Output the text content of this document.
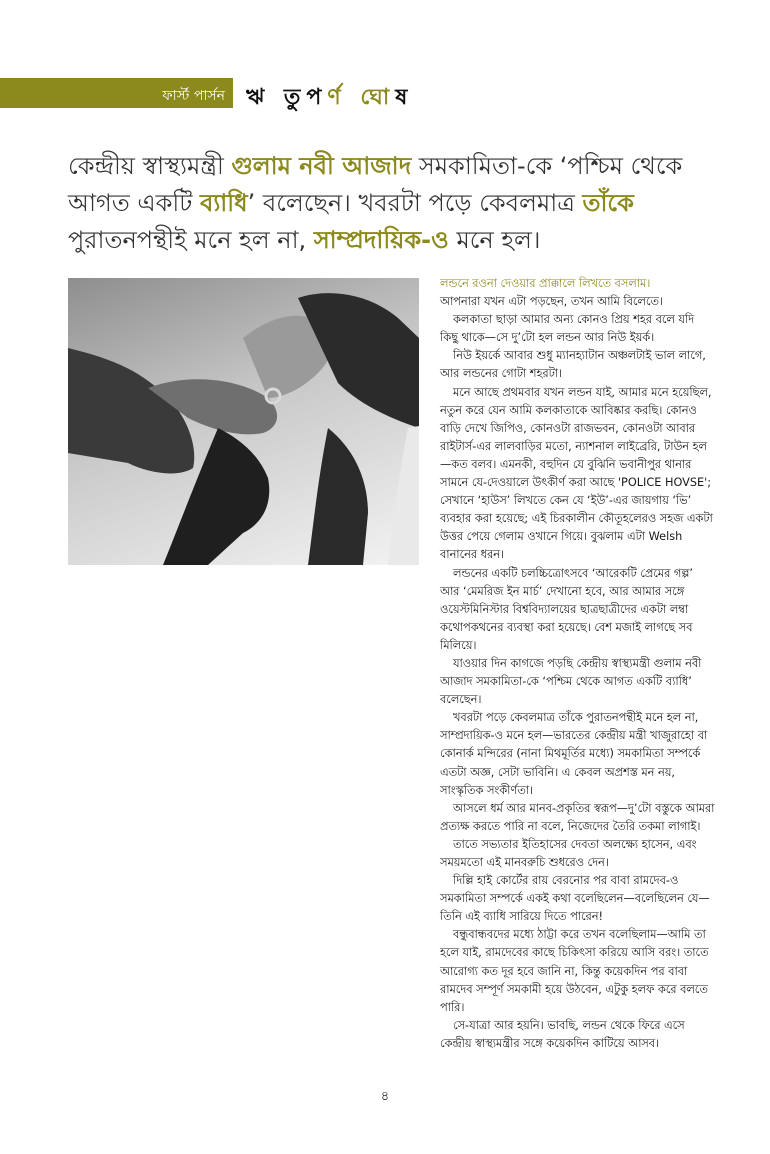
ফার্স্ট পার্সন ঋ তুপর্ণ ঘোষ
কেন্দ্রীয় স্বাস্থ্যমন্ত্রী গুলাম নবী আজাদ সমকামিতা-কে ‘পশ্চিম থেকে আগত একটি ব্যাধি’ বলেছেন। খবরটা পড়ে কেবলমাত্র তাঁকে পুরাতনপন্থীই মনে হল না, সাম্প্রদায়িক-ও মনে হল।

লন্ডনে রওনা দেওয়ার প্রাক্কালে লিখতে বসলাম।

আপনারা যখন এটা পড়ছেন, তখন আমি বিলেতে।

কলকাতা ছাড়া আমার অন্য কোনও প্রিয় শহর বলে যদি কিছু থাকে—সে দু’টো হল লন্ডন আর নিউ ইয়র্ক।

নিউ ইয়র্কে আবার শুধু ম্যানহ্যাটান অঞ্চলটাই ভাল লাগে, আর লন্ডনের গোটা শহরটা।

মনে আছে প্রথমবার যখন লন্ডন যাই, আমার মনে হয়েছিল, নতুন করে যেন আমি কলকাতাকে আবিষ্কার করছি। কোনও বাড়ি দেখে জিপিও, কোনওটা রাজভবন, কোনওটা আবার রাইটার্স-এর লালবাড়ির মতো, ন্যাশনাল লাইব্রেরি, টাউন হল—কত বলব। এমনকী, বহুদিন যে বুঝিনি ভবানীপুর থানার সামনে যে-দেওয়ালে উৎকীর্ণ করা আছে 'POLICE HOVSE'; সেখানে ‘হাউস’ লিখতে কেন যে ‘ইউ’-এর জায়গায় ‘ভি’ ব্যবহার করা হয়েছে; এই চিরকালীন কৌতূহলেরও সহজ একটা উত্তর পেয়ে গেলাম ওখানে গিয়ে। বুঝলাম এটা Welsh বানানের ধরন।

লন্ডনের একটি চলচ্চিত্রোৎসবে ‘আরেকটি প্রেমের গল্প’ আর ‘মেমরিজ ইন মার্চ’ দেখানো হবে, আর আমার সঙ্গে ওয়েস্টমিনিস্টার বিশ্ববিদ্যালয়ের ছাত্রছাত্রীদের একটা লম্বা কথোপকথনের ব্যবস্থা করা হয়েছে। বেশ মজাই লাগছে সব মিলিয়ে।

যাওয়ার দিন কাগজে পড়ছি কেন্দ্রীয় স্বাস্থ্যমন্ত্রী গুলাম নবী আজাদ সমকামিতা-কে ‘পশ্চিম থেকে আগত একটি ব্যাধি’ বলেছেন।

খবরটা পড়ে কেবলমাত্র তাঁকে পুরাতনপন্থীই মনে হল না, সাম্প্রদায়িক-ও মনে হল—ভারতের কেন্দ্রীয় মন্ত্রী খাজুরাহো বা কোনার্ক মন্দিরের (নানা মিথমূর্তির মধ্যে) সমকামিতা সম্পর্কে এতটা অজ্ঞ, সেটা ভাবিনি। এ কেবল অপ্রশস্ত মন নয়, সাংস্কৃতিক সংকীর্ণতা।

আসলে ধর্ম আর মানব-প্রকৃতির স্বরূপ—দু’টো বস্তুকে আমরা প্রত্যক্ষ করতে পারি না বলে, নিজেদের তৈরি তকমা লাগাই।

তাতে সভ্যতার ইতিহাসের দেবতা অলক্ষ্যে হাসেন, এবং সময়মতো এই মানবরুচি শুধরেও দেন।

দিল্লি হাই কোর্টের রায় বেরনোর পর বাবা রামদেব-ও সমকামিতা সম্পর্কে একই কথা বলেছিলেন—বলেছিলেন যে—তিনি এই ব্যাধি সারিয়ে দিতে পারেন!

বন্ধুবান্ধবদের মধ্যে ঠাট্টা করে তখন বলেছিলাম—আমি তা হলে যাই, রামদেবের কাছে চিকিৎসা করিয়ে আসি বরং। তাতে আরোগ্য কত দূর হবে জানি না, কিন্তু কয়েকদিন পর বাবা রামদেব সম্পূর্ণ সমকামী হয়ে উঠবেন, এটুকু হলফ করে বলতে পারি।

সে-যাত্রা আর হয়নি। ভাবছি, লন্ডন থেকে ফিরে এসে কেন্দ্রীয় স্বাস্থ্যমন্ত্রীর সঙ্গে কয়েকদিন কাটিয়ে আসব।

৪
